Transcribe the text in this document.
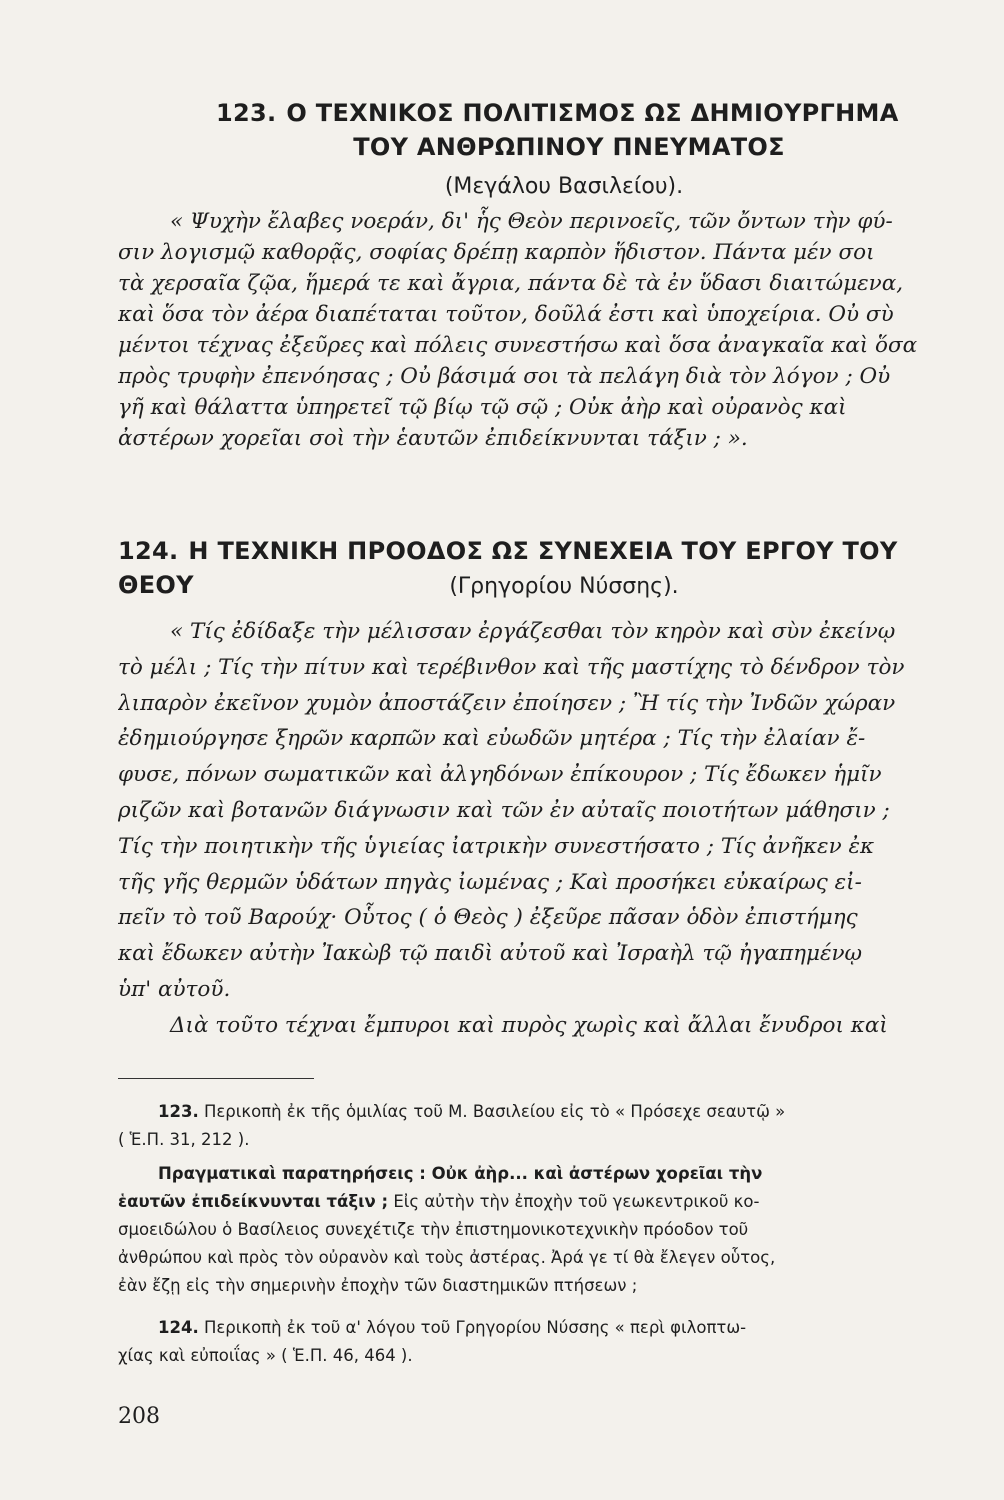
123. Ο ΤΕΧΝΙΚΟΣ ΠΟΛΙΤΙΣΜΟΣ ΩΣ ΔΗΜΙΟΥΡΓΗΜΑ
ΤΟΥ ΑΝΘΡΩΠΙΝΟΥ ΠΝΕΥΜΑΤΟΣ

(Μεγάλου Βασιλείου).

« Ψυχὴν ἔλαβες νοεράν, δι' ἧς Θεὸν περινοεῖς, τῶν ὄντων τὴν φύ-
σιν λογισμῷ καθορᾷς, σοφίας δρέπῃ καρπὸν ἥδιστον. Πάντα μέν σοι
τὰ χερσαῖα ζῷα, ἥμερά τε καὶ ἄγρια, πάντα δὲ τὰ ἐν ὕδασι διαιτώμενα,
καὶ ὅσα τὸν ἀέρα διαπέταται τοῦτον, δοῦλά ἐστι καὶ ὑποχείρια. Οὐ σὺ
μέντοι τέχνας ἐξεῦρες καὶ πόλεις συνεστήσω καὶ ὅσα ἀναγκαῖα καὶ ὅσα
πρὸς τρυφὴν ἐπενόησας ; Οὐ βάσιμά σοι τὰ πελάγη διὰ τὸν λόγον ; Οὐ
γῆ καὶ θάλαττα ὑπηρετεῖ τῷ βίῳ τῷ σῷ ; Οὐκ ἀὴρ καὶ οὐρανὸς καὶ
ἀστέρων χορεῖαι σοὶ τὴν ἑαυτῶν ἐπιδείκνυνται τάξιν ; ».
124. Η ΤΕΧΝΙΚΗ ΠΡΟΟΔΟΣ ΩΣ ΣΥΝΕΧΕΙΑ ΤΟΥ ΕΡΓΟΥ ΤΟΥ ΘΕΟΥ	(Γρηγορίου Νύσσης).

« Τίς ἐδίδαξε τὴν μέλισσαν ἐργάζεσθαι τὸν κηρὸν καὶ σὺν ἐκείνῳ
τὸ μέλι ; Τίς τὴν πίτυν καὶ τερέβινθον καὶ τῆς μαστίχης τὸ δένδρον τὸν
λιπαρὸν ἐκεῖνον χυμὸν ἀποστάζειν ἐποίησεν ; Ἢ τίς τὴν Ἰνδῶν χώραν
ἐδημιούργησε ξηρῶν καρπῶν καὶ εὐωδῶν μητέρα ; Τίς τὴν ἐλαίαν ἔ-
φυσε, πόνων σωματικῶν καὶ ἀλγηδόνων ἐπίκουρον ; Τίς ἔδωκεν ἡμῖν
ριζῶν καὶ βοτανῶν διάγνωσιν καὶ τῶν ἐν αὐταῖς ποιοτήτων μάθησιν ;
Τίς τὴν ποιητικὴν τῆς ὑγιείας ἰατρικὴν συνεστήσατο ; Τίς ἀνῆκεν ἐκ
τῆς γῆς θερμῶν ὑδάτων πηγὰς ἰωμένας ; Καὶ προσήκει εὐκαίρως εἰ-
πεῖν τὸ τοῦ Βαρούχ· Οὗτος ( ὁ Θεὸς ) ἐξεῦρε πᾶσαν ὁδὸν ἐπιστήμης
καὶ ἔδωκεν αὐτὴν Ἰακὼβ τῷ παιδὶ αὐτοῦ καὶ Ἰσραὴλ τῷ ἠγαπημένῳ
ὑπ' αὐτοῦ.
Διὰ τοῦτο τέχναι ἔμπυροι καὶ πυρὸς χωρὶς καὶ ἄλλαι ἔνυδροι καὶ
123. Περικοπὴ ἐκ τῆς ὁμιλίας τοῦ Μ. Βασιλείου εἰς τὸ « Πρόσεχε σεαυτῷ »
( Ἑ.Π. 31, 212 ).
Πραγματικαὶ παρατηρήσεις : Οὐκ ἀὴρ... καὶ ἀστέρων χορεῖαι τὴν
ἑαυτῶν ἐπιδείκνυνται τάξιν ; Εἰς αὐτὴν τὴν ἐποχὴν τοῦ γεωκεντρικοῦ κο-
σμοειδώλου ὁ Βασίλειος συνεχέτιζε τὴν ἐπιστημονικοτεχνικὴν πρόοδον τοῦ
ἀνθρώπου καὶ πρὸς τὸν οὐρανὸν καὶ τοὺς ἀστέρας. Ἀρά γε τί θὰ ἔλεγεν οὗτος,
ἐὰν ἔζῃ εἰς τὴν σημερινὴν ἐποχὴν τῶν διαστημικῶν πτήσεων ;
124. Περικοπὴ ἐκ τοῦ α' λόγου τοῦ Γρηγορίου Νύσσης « περὶ φιλοπτω-
χίας καὶ εὐποιΐας » ( Ἑ.Π. 46, 464 ).
208
